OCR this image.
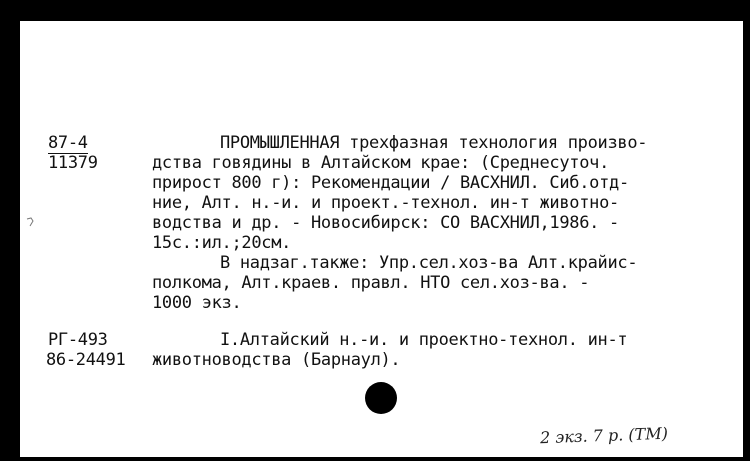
87-4
11379
ПРОМЫШЛЕННАЯ трехфазная технология произво-
дства говядины в Алтайском крае: (Среднесуточ.
прирост 800 г): Рекомендации / ВАСХНИЛ. Сиб.отд-
ние, Алт. н.-и. и проект.-технол. ин-т животно-
водства и др. - Новосибирск: СО ВАСХНИЛ,1986. -
15с.:ил.;20см.
В надзаг.также: Упр.сел.хоз-ва Алт.крайис-
полкома, Алт.краев. правл. НТО сел.хоз-ва. -
1000 экз.
РГ-493
86-24491
I.Алтайский н.-и. и проектно-технол. ин-т
животноводства (Барнаул).
2 экз. 7 р. (ТМ)
